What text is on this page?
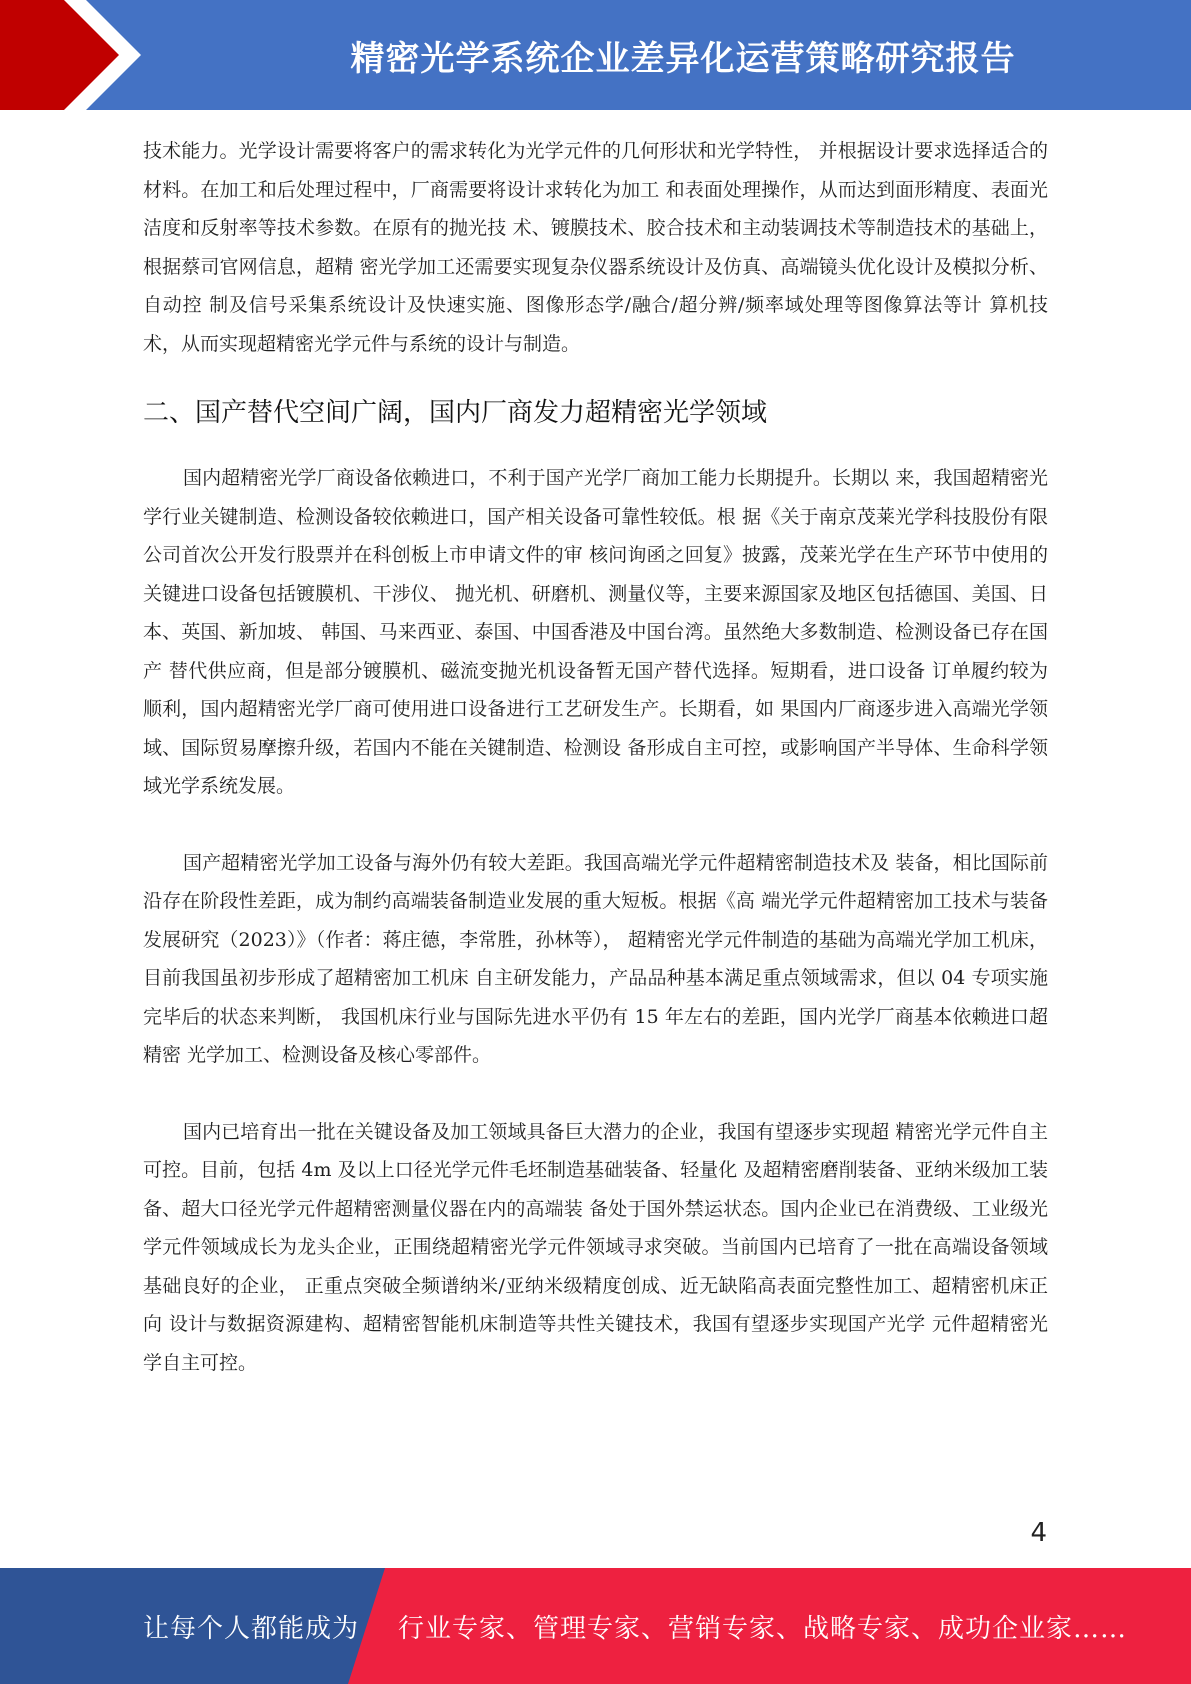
精密光学系统企业差异化运营策略研究报告

技术能力。光学设计需要将客户的需求转化为光学元件的几何形状和光学特性， 并根据设计要求选择适合的材料。在加工和后处理过程中，厂商需要将设计求转化为加工 和表面处理操作，从而达到面形精度、表面光洁度和反射率等技术参数。在原有的抛光技 术、镀膜技术、胶合技术和主动装调技术等制造技术的基础上，根据蔡司官网信息，超精 密光学加工还需要实现复杂仪器系统设计及仿真、高端镜头优化设计及模拟分析、自动控 制及信号采集系统设计及快速实施、图像形态学/融合/超分辨/频率域处理等图像算法等计 算机技术，从而实现超精密光学元件与系统的设计与制造。

二、国产替代空间广阔，国内厂商发力超精密光学领域

国内超精密光学厂商设备依赖进口，不利于国产光学厂商加工能力长期提升。长期以 来，我国超精密光学行业关键制造、检测设备较依赖进口，国产相关设备可靠性较低。根 据《关于南京茂莱光学科技股份有限公司首次公开发行股票并在科创板上市申请文件的审 核问询函之回复》披露，茂莱光学在生产环节中使用的关键进口设备包括镀膜机、干涉仪、 抛光机、研磨机、测量仪等，主要来源国家及地区包括德国、美国、日本、英国、新加坡、 韩国、马来西亚、泰国、中国香港及中国台湾。虽然绝大多数制造、检测设备已存在国产 替代供应商，但是部分镀膜机、磁流变抛光机设备暂无国产替代选择。短期看，进口设备 订单履约较为顺利，国内超精密光学厂商可使用进口设备进行工艺研发生产。长期看，如 果国内厂商逐步进入高端光学领域、国际贸易摩擦升级，若国内不能在关键制造、检测设 备形成自主可控，或影响国产半导体、生命科学领域光学系统发展。

国产超精密光学加工设备与海外仍有较大差距。我国高端光学元件超精密制造技术及 装备，相比国际前沿存在阶段性差距，成为制约高端装备制造业发展的重大短板。根据《高 端光学元件超精密加工技术与装备发展研究（2023）》（作者：蒋庄德，李常胜，孙林等）， 超精密光学元件制造的基础为高端光学加工机床，目前我国虽初步形成了超精密加工机床 自主研发能力，产品品种基本满足重点领域需求，但以 04 专项实施完毕后的状态来判断， 我国机床行业与国际先进水平仍有 15 年左右的差距，国内光学厂商基本依赖进口超精密 光学加工、检测设备及核心零部件。

国内已培育出一批在关键设备及加工领域具备巨大潜力的企业，我国有望逐步实现超 精密光学元件自主可控。目前，包括 4m 及以上口径光学元件毛坯制造基础装备、轻量化 及超精密磨削装备、亚纳米级加工装备、超大口径光学元件超精密测量仪器在内的高端装 备处于国外禁运状态。国内企业已在消费级、工业级光学元件领域成长为龙头企业，正围绕超精密光学元件领域寻求突破。当前国内已培育了一批在高端设备领域基础良好的企业， 正重点突破全频谱纳米/亚纳米级精度创成、近无缺陷高表面完整性加工、超精密机床正向 设计与数据资源建构、超精密智能机床制造等共性关键技术，我国有望逐步实现国产光学 元件超精密光学自主可控。

4
让每个人都能成为 行业专家、管理专家、营销专家、战略专家、成功企业家……
